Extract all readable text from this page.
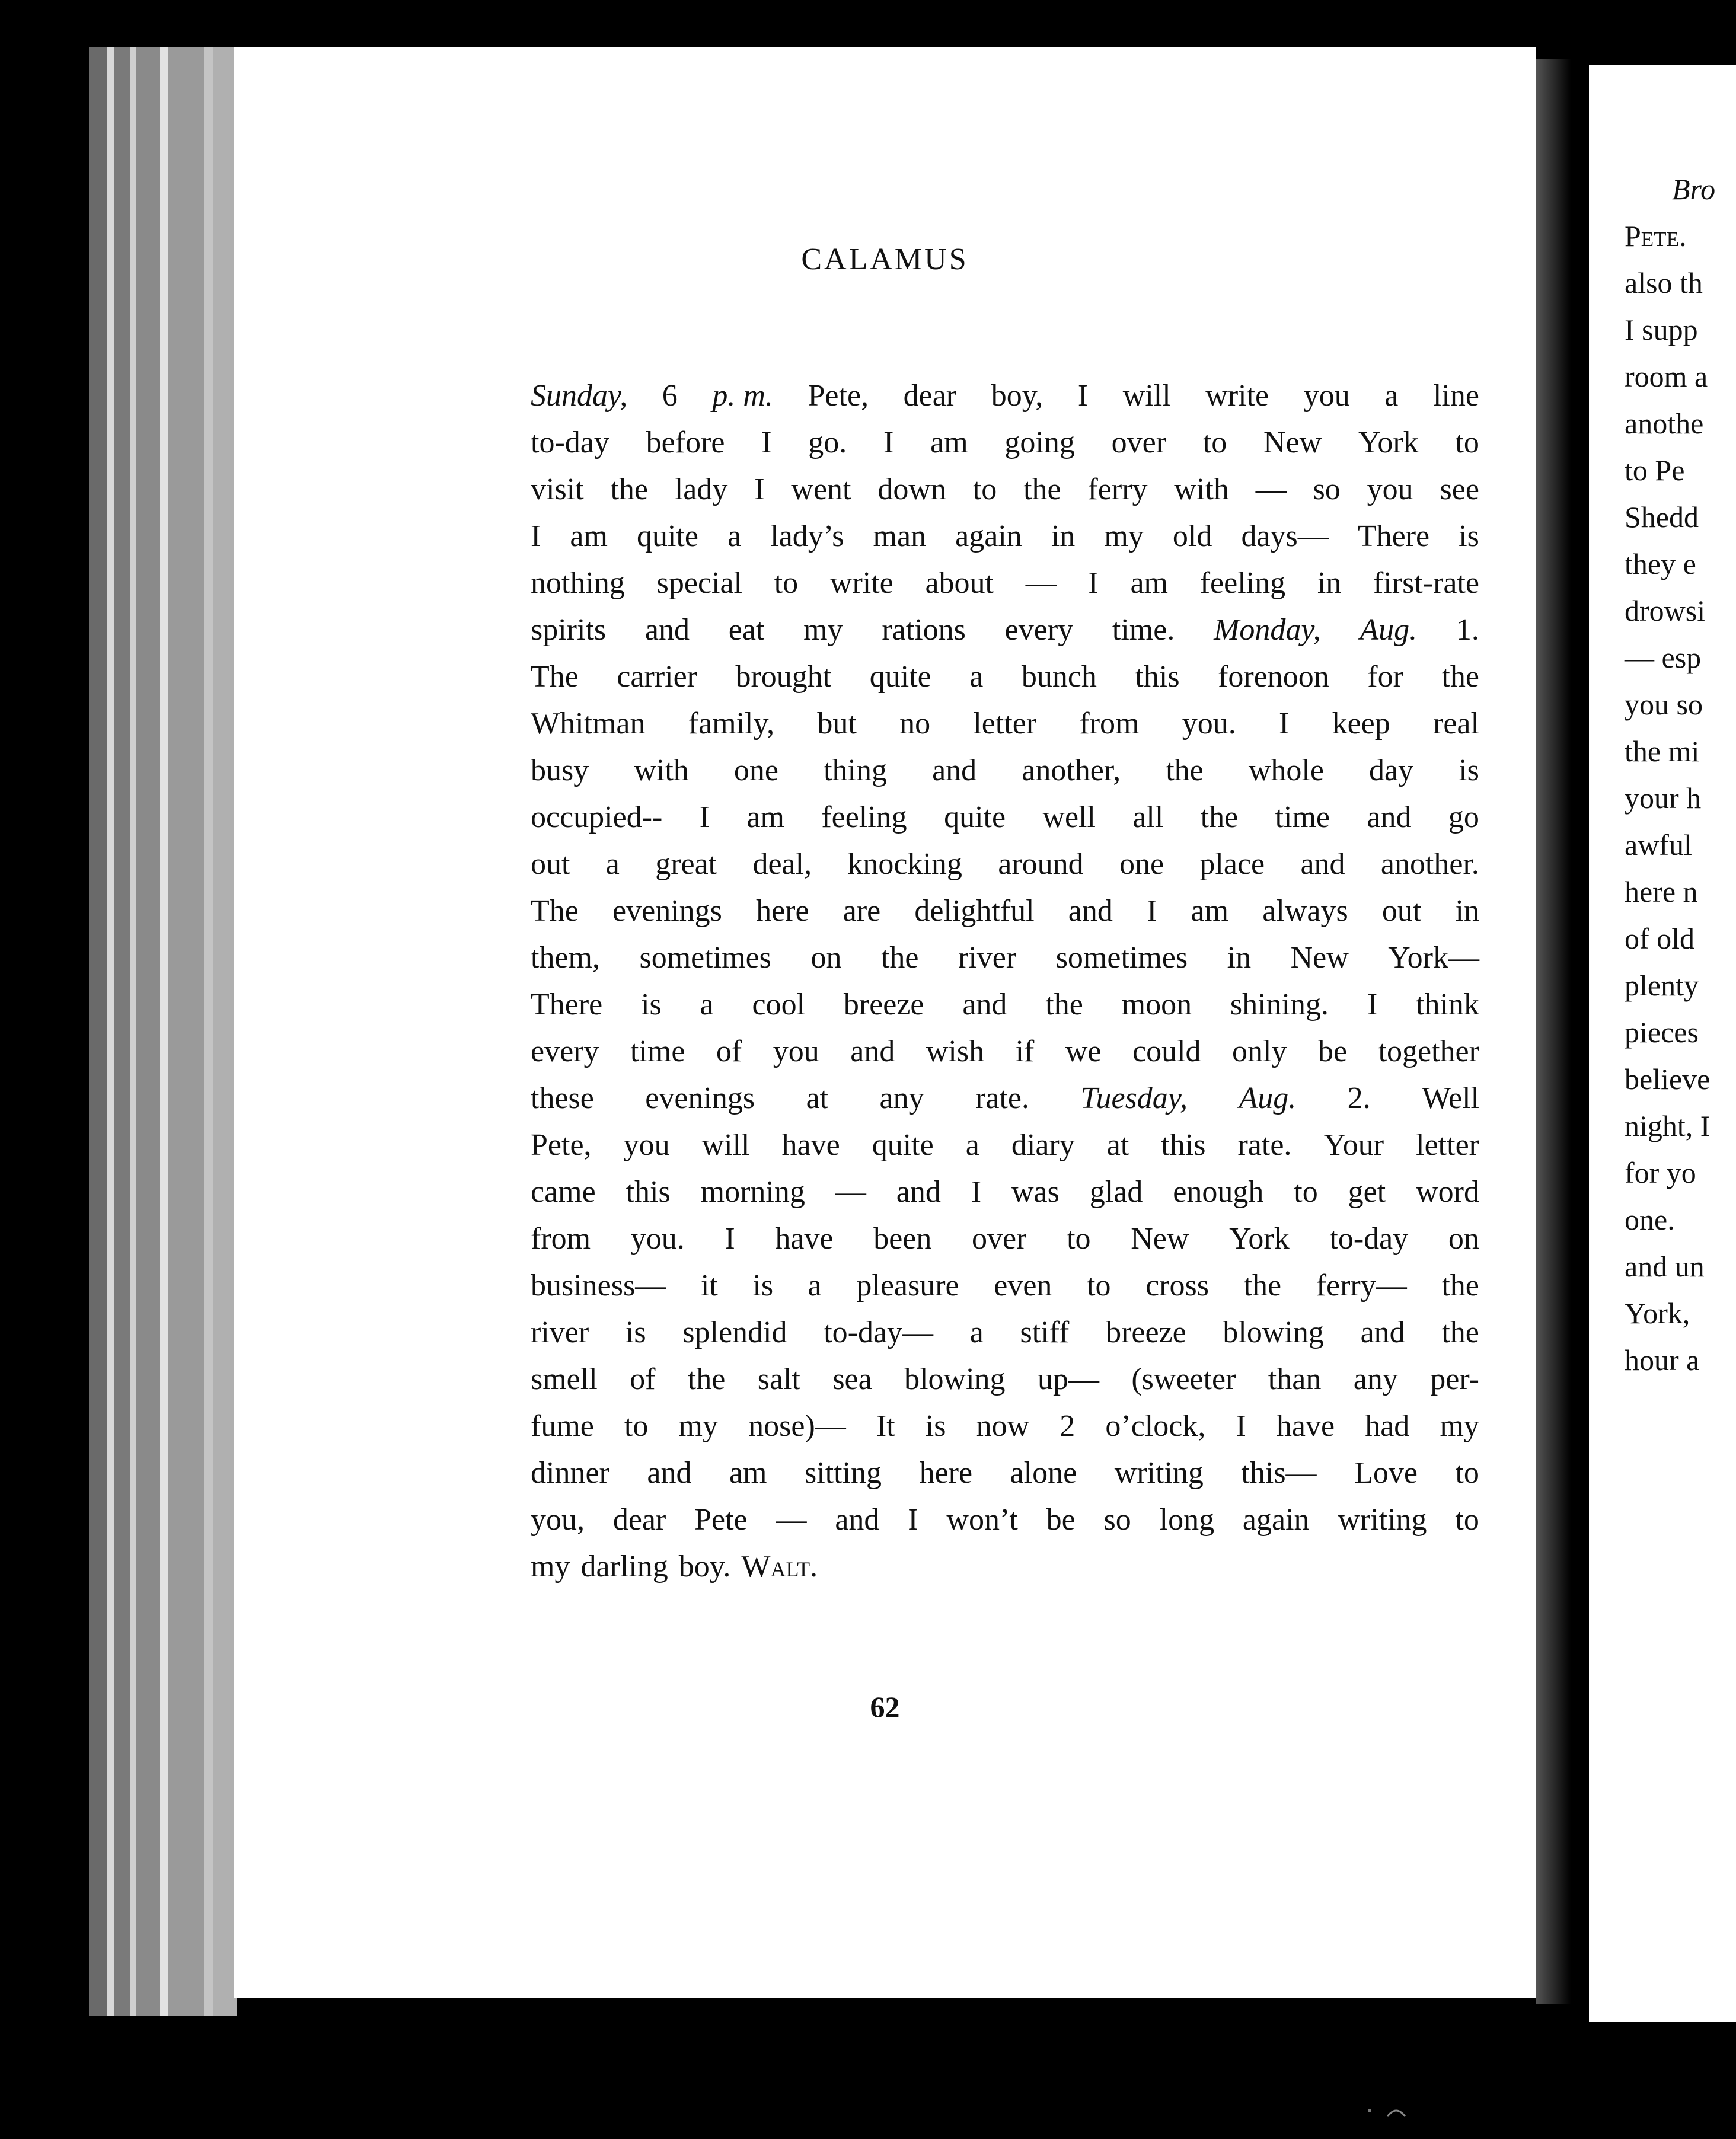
CALAMUS
Sunday, 6 p. m. Pete, dear boy, I will write you a line
to-day before I go. I am going over to New York to
visit the lady I went down to the ferry with — so you see
I am quite a lady’s man again in my old days— There is
nothing special to write about — I am feeling in first-rate
spirits and eat my rations every time. Monday, Aug. 1.
The carrier brought quite a bunch this forenoon for the
Whitman family, but no letter from you. I keep real
busy with one thing and another, the whole day is
occupied-- I am feeling quite well all the time and go
out a great deal, knocking around one place and another.
The evenings here are delightful and I am always out in
them, sometimes on the river sometimes in New York—
There is a cool breeze and the moon shining. I think
every time of you and wish if we could only be together
these evenings at any rate. Tuesday, Aug. 2. Well
Pete, you will have quite a diary at this rate. Your letter
came this morning — and I was glad enough to get word
from you. I have been over to New York to-day on
business— it is a pleasure even to cross the ferry— the
river is splendid to-day— a stiff breeze blowing and the
smell of the salt sea blowing up— (sweeter than any per-
fume to my nose)— It is now 2 o’clock, I have had my
dinner and am sitting here alone writing this— Love to
you, dear Pete — and I won’t be so long again writing to
my darling boy. Walt.
62
Bro
Pete.
also th
I supp
room a
anothe
to Pe
Shedd
they e
drowsi
— esp
you so
the mi
your h
awful
here n
of old
plenty
pieces
believe
night, I
for yo
one.
and un
York,
hour a
